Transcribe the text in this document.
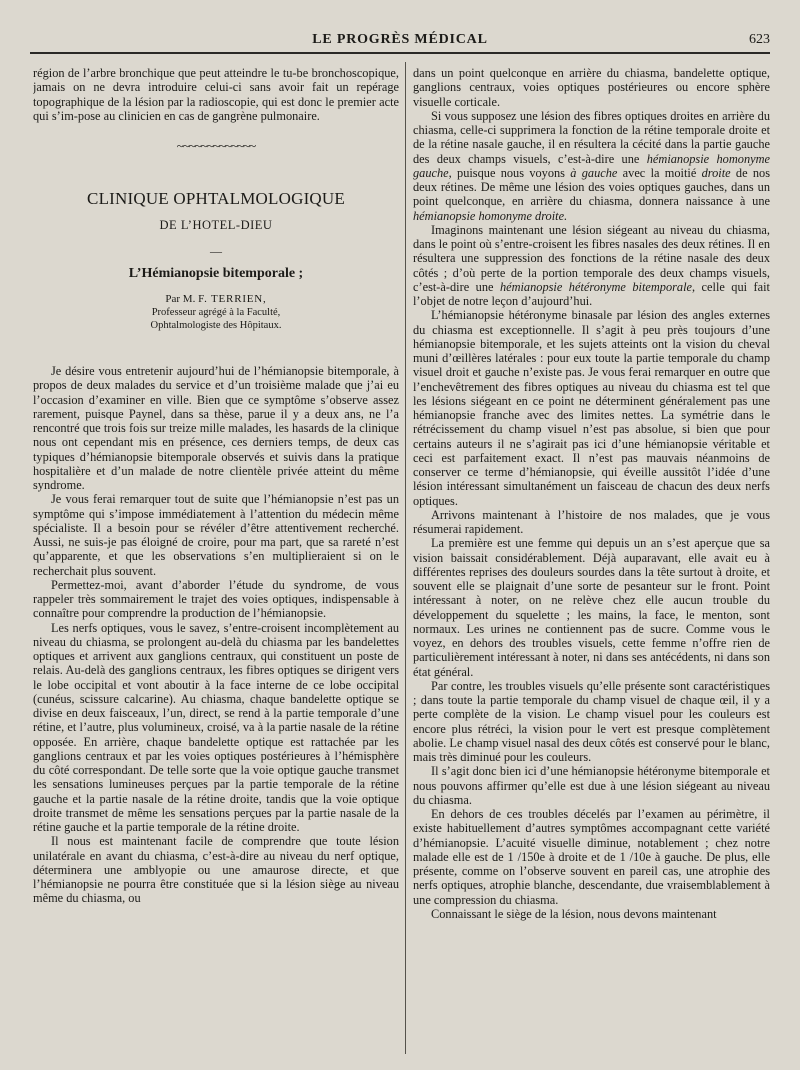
LE PROGRÈS MÉDICAL	623

région de l’arbre bronchique que peut atteindre le tu-be bronchoscopique, jamais on ne devra introduire celui-ci sans avoir fait un repérage topographique de la lésion par la radioscopie, qui est donc le premier acte qui s’im-pose au clinicien en cas de gangrène pulmonaire.

~~~~~~~~~~~~~
CLINIQUE OPHTALMOLOGIQUE
DE L’HOTEL-DIEU
—
L’Hémianopsie bitemporale ;
Par M. F. TERRIEN,
Professeur agrégé à la Faculté,
Ophtalmologiste des Hôpitaux.

Je désire vous entretenir aujourd’hui de l’hémianopsie bitemporale, à propos de deux malades du service et d’un troisième malade que j’ai eu l’occasion d’examiner en ville. Bien que ce symptôme s’observe assez rarement, puisque Paynel, dans sa thèse, parue il y a deux ans, ne l’a rencontré que trois fois sur treize mille malades, les hasards de la clinique nous ont cependant mis en présence, ces derniers temps, de deux cas typiques d’hémianopsie bitemporale observés et suivis dans la pratique hospitalière et d’un malade de notre clientèle privée atteint du même syndrome.

Je vous ferai remarquer tout de suite que l’hémianopsie n’est pas un symptôme qui s’impose immédiatement à l’attention du médecin même spécialiste. Il a besoin pour se révéler d’être attentivement recherché. Aussi, ne suis-je pas éloigné de croire, pour ma part, que sa rareté n’est qu’apparente, et que les observations s’en multiplieraient si on le recherchait plus souvent.

Permettez-moi, avant d’aborder l’étude du syndrome, de vous rappeler très sommairement le trajet des voies optiques, indispensable à connaître pour comprendre la production de l’hémianopsie.

Les nerfs optiques, vous le savez, s’entre-croisent incomplètement au niveau du chiasma, se prolongent au-delà du chiasma par les bandelettes optiques et arrivent aux ganglions centraux, qui constituent un poste de relais. Au-delà des ganglions centraux, les fibres optiques se dirigent vers le lobe occipital et vont aboutir à la face interne de ce lobe occipital (cunéus, scissure calcarine). Au chiasma, chaque bandelette optique se divise en deux faisceaux, l’un, direct, se rend à la partie temporale d’une rétine, et l’autre, plus volumineux, croisé, va à la partie nasale de la rétine opposée. En arrière, chaque bandelette optique est rattachée par les ganglions centraux et par les voies optiques postérieures à l’hémisphère du côté correspondant. De telle sorte que la voie optique gauche transmet les sensations lumineuses perçues par la partie temporale de la rétine gauche et la partie nasale de la rétine droite, tandis que la voie optique droite transmet de même les sensations perçues par la partie nasale de la rétine gauche et la partie temporale de la rétine droite.

Il nous est maintenant facile de comprendre que toute lésion unilatérale en avant du chiasma, c’est-à-dire au niveau du nerf optique, déterminera une amblyopie ou une amaurose directe, et que l’hémianopsie ne pourra être constituée que si la lésion siège au niveau même du chiasma, ou

dans un point quelconque en arrière du chiasma, bandelette optique, ganglions centraux, voies optiques postérieures ou encore sphère visuelle corticale.

Si vous supposez une lésion des fibres optiques droites en arrière du chiasma, celle-ci supprimera la fonction de la rétine temporale droite et de la rétine nasale gauche, il en résultera la cécité dans la partie gauche des deux champs visuels, c’est-à-dire une hémianopsie homonyme gauche, puisque nous voyons à gauche avec la moitié droite de nos deux rétines. De même une lésion des voies optiques gauches, dans un point quelconque, en arrière du chiasma, donnera naissance à une hémianopsie homonyme droite.

Imaginons maintenant une lésion siégeant au niveau du chiasma, dans le point où s’entre-croisent les fibres nasales des deux rétines. Il en résultera une suppression des fonctions de la rétine nasale des deux côtés ; d’où perte de la portion temporale des deux champs visuels, c’est-à-dire une hémianopsie hétéronyme bitemporale, celle qui fait l’objet de notre leçon d’aujourd’hui.

L’hémianopsie hétéronyme binasale par lésion des angles externes du chiasma est exceptionnelle. Il s’agit à peu près toujours d’une hémianopsie bitemporale, et les sujets atteints ont la vision du cheval muni d’œillères latérales : pour eux toute la partie temporale du champ visuel droit et gauche n’existe pas. Je vous ferai remarquer en outre que l’enchevêtrement des fibres optiques au niveau du chiasma est tel que les lésions siégeant en ce point ne déterminent généralement pas une hémianopsie franche avec des limites nettes. La symétrie dans le rétrécissement du champ visuel n’est pas absolue, si bien que pour certains auteurs il ne s’agirait pas ici d’une hémianopsie véritable et ceci est parfaitement exact. Il n’est pas mauvais néanmoins de conserver ce terme d’hémianopsie, qui éveille aussitôt l’idée d’une lésion intéressant simultanément un faisceau de chacun des deux nerfs optiques.

Arrivons maintenant à l’histoire de nos malades, que je vous résumerai rapidement.

La première est une femme qui depuis un an s’est aperçue que sa vision baissait considérablement. Déjà auparavant, elle avait eu à différentes reprises des douleurs sourdes dans la tête surtout à droite, et souvent elle se plaignait d’une sorte de pesanteur sur le front. Point intéressant à noter, on ne relève chez elle aucun trouble du développement du squelette ; les mains, la face, le menton, sont normaux. Les urines ne contiennent pas de sucre. Comme vous le voyez, en dehors des troubles visuels, cette femme n’offre rien de particulièrement intéressant à noter, ni dans ses antécédents, ni dans son état général.

Par contre, les troubles visuels qu’elle présente sont caractéristiques ; dans toute la partie temporale du champ visuel de chaque œil, il y a perte complète de la vision. Le champ visuel pour les couleurs est encore plus rétréci, la vision pour le vert est presque complètement abolie. Le champ visuel nasal des deux côtés est conservé pour le blanc, mais très diminué pour les couleurs.

Il s’agit donc bien ici d’une hémianopsie hétéronyme bitemporale et nous pouvons affirmer qu’elle est due à une lésion siégeant au niveau du chiasma.

En dehors de ces troubles décelés par l’examen au périmètre, il existe habituellement d’autres symptômes accompagnant cette variété d’hémianopsie. L’acuité visuelle diminue, notablement ; chez notre malade elle est de 1 /150e à droite et de 1 /10e à gauche. De plus, elle présente, comme on l’observe souvent en pareil cas, une atrophie des nerfs optiques, atrophie blanche, descendante, due vraisemblablement à une compression du chiasma.

Connaissant le siège de la lésion, nous devons maintenant
